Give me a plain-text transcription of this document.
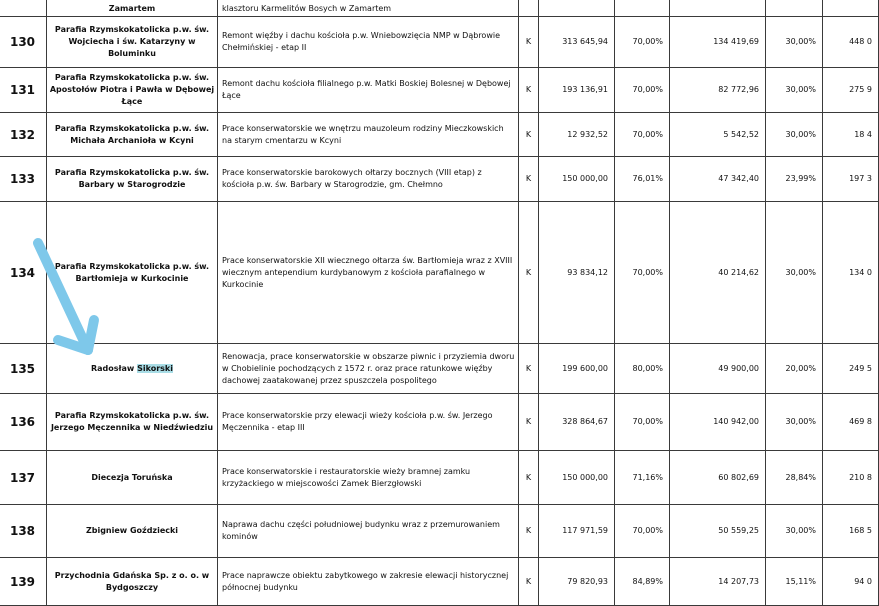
	Zamartem	klasztoru Karmelitów Bosych w Zamartem						
130	Parafia Rzymskokatolicka p.w. św. Wojciecha i św. Katarzyny w Boluminku	Remont więźby i dachu kościoła p.w. Wniebowzięcia NMP w Dąbrowie Chełmińskiej - etap II	K	313 645,94	70,00%	134 419,69	30,00%	448 0
131	Parafia Rzymskokatolicka p.w. św. Apostołów Piotra i Pawła w Dębowej Łące	Remont dachu kościoła filialnego p.w. Matki Boskiej Bolesnej w Dębowej Łące	K	193 136,91	70,00%	82 772,96	30,00%	275 9
132	Parafia Rzymskokatolicka p.w. św. Michała Archanioła w Kcyni	Prace konserwatorskie we wnętrzu mauzoleum rodziny Mieczkowskich na starym cmentarzu w Kcyni	K	12 932,52	70,00%	5 542,52	30,00%	18 4
133	Parafia Rzymskokatolicka p.w. św. Barbary w Starogrodzie	Prace konserwatorskie barokowych ołtarzy bocznych (VIII etap) z kościoła p.w. św. Barbary w Starogrodzie, gm. Chełmno	K	150 000,00	76,01%	47 342,40	23,99%	197 3
134	Parafia Rzymskokatolicka p.w. św. Bartłomieja w Kurkocinie	Prace konserwatorskie XII wiecznego ołtarza św. Bartłomieja wraz z XVIII wiecznym antependium kurdybanowym z kościoła parafialnego w Kurkocinie	K	93 834,12	70,00%	40 214,62	30,00%	134 0
135	Radosław Sikorski	Renowacja, prace konserwatorskie w obszarze piwnic i przyziemia dworu w Chobielinie pochodzących z 1572 r. oraz prace ratunkowe więźby dachowej zaatakowanej przez spuszczela pospolitego	K	199 600,00	80,00%	49 900,00	20,00%	249 5
136	Parafia Rzymskokatolicka p.w. św. Jerzego Męczennika w Niedźwiedziu	Prace konserwatorskie przy elewacji wieży kościoła p.w. św. Jerzego Męczennika - etap III	K	328 864,67	70,00%	140 942,00	30,00%	469 8
137	Diecezja Toruńska	Prace konserwatorskie i restauratorskie wieży bramnej zamku krzyżackiego w miejscowości Zamek Bierzgłowski	K	150 000,00	71,16%	60 802,69	28,84%	210 8
138	Zbigniew Goździecki	Naprawa dachu części południowej budynku wraz z przemurowaniem kominów	K	117 971,59	70,00%	50 559,25	30,00%	168 5
139	Przychodnia Gdańska Sp. z o. o. w Bydgoszczy	Prace naprawcze obiektu zabytkowego w zakresie elewacji historycznej północnej budynku	K	79 820,93	84,89%	14 207,73	15,11%	94 0
